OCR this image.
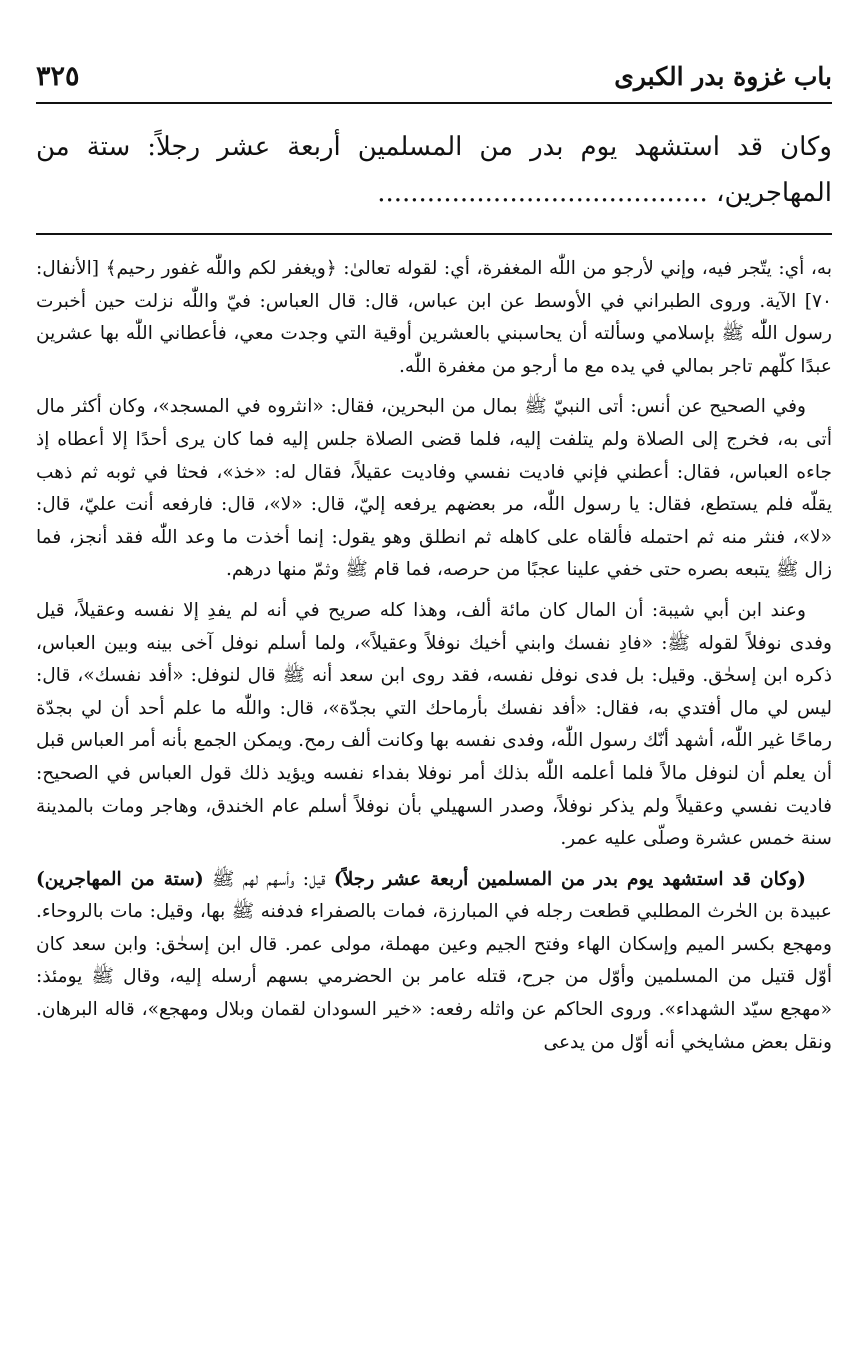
باب غزوة بدر الكبرى
٣٢٥
وكان قد استشهد يوم بدر من المسلمين أربعة عشر رجلاً: ستة من المهاجرين، ........................................

به، أي: يتّجر فيه، وإني لأرجو من اللّٰه المغفرة، أي: لقوله تعالىٰ: ﴿ويغفر لكم واللّٰه غفور رحيم﴾ [الأنفال: ٧٠] الآية. وروى الطبراني في الأوسط عن ابن عباس، قال: قال العباس: فيّ واللّٰه نزلت حين أخبرت رسول اللّٰه ﷺ بإسلامي وسألته أن يحاسبني بالعشرين أوقية التي وجدت معي، فأعطاني اللّٰه بها عشرين عبدًا كلّهم تاجر بمالي في يده مع ما أرجو من مغفرة اللّٰه.

وفي الصحيح عن أنس: أتى النبيّ ﷺ بمال من البحرين، فقال: «انثروه في المسجد»، وكان أكثر مال أتى به، فخرج إلى الصلاة ولم يتلفت إليه، فلما قضى الصلاة جلس إليه فما كان يرى أحدًا إلا أعطاه إذ جاءه العباس، فقال: أعطني فإني فاديت نفسي وفاديت عقيلاً، فقال له: «خذ»، فحثا في ثوبه ثم ذهب يقلّه فلم يستطع، فقال: يا رسول اللّٰه، مر بعضهم يرفعه إليّ، قال: «لا»، قال: فارفعه أنت عليّ، قال: «لا»، فنثر منه ثم احتمله فألقاه على كاهله ثم انطلق وهو يقول: إنما أخذت ما وعد اللّٰه فقد أنجز، فما زال ﷺ يتبعه بصره حتى خفي علينا عجبًا من حرصه، فما قام ﷺ وثمّ منها درهم.

وعند ابن أبي شيبة: أن المال كان مائة ألف، وهذا كله صريح في أنه لم يفدِ إلا نفسه وعقيلاً، قيل وفدى نوفلاً لقوله ﷺ: «فادِ نفسك وابني أخيك نوفلاً وعقيلاً»، ولما أسلم نوفل آخى بينه وبين العباس، ذكره ابن إسحٰق. وقيل: بل فدى نوفل نفسه، فقد روى ابن سعد أنه ﷺ قال لنوفل: «أفد نفسك»، قال: ليس لي مال أفتدي به، فقال: «أفد نفسك بأرماحك التي بجدّة»، قال: واللّٰه ما علم أحد أن لي بجدّة رماحًا غير اللّٰه، أشهد أنّك رسول اللّٰه، وفدى نفسه بها وكانت ألف رمح. ويمكن الجمع بأنه أمر العباس قبل أن يعلم أن لنوفل مالاً فلما أعلمه اللّٰه بذلك أمر نوفلا بفداء نفسه ويؤيد ذلك قول العباس في الصحيح: فاديت نفسي وعقيلاً ولم يذكر نوفلاً، وصدر السهيلي بأن نوفلاً أسلم عام الخندق، وهاجر ومات بالمدينة سنة خمس عشرة وصلّى عليه عمر.

(وكان قد استشهد يوم بدر من المسلمين أربعة عشر رجلاً) قيل: وأسهم لهم ﷺ (ستة من المهاجرين) عبيدة بن الحٰرث المطلبي قطعت رجله في المبارزة، فمات بالصفراء فدفنه ﷺ بها، وقيل: مات بالروحاء. ومهجع بكسر الميم وإسكان الهاء وفتح الجيم وعين مهملة، مولى عمر. قال ابن إسحٰق: وابن سعد كان أوّل قتيل من المسلمين وأوّل من جرح، قتله عامر بن الحضرمي بسهم أرسله إليه، وقال ﷺ يومئذ: «مهجع سيّد الشهداء». وروى الحاكم عن واثله رفعه: «خير السودان لقمان وبلال ومهجع»، قاله البرهان. ونقل بعض مشايخي أنه أوّل من يدعى
